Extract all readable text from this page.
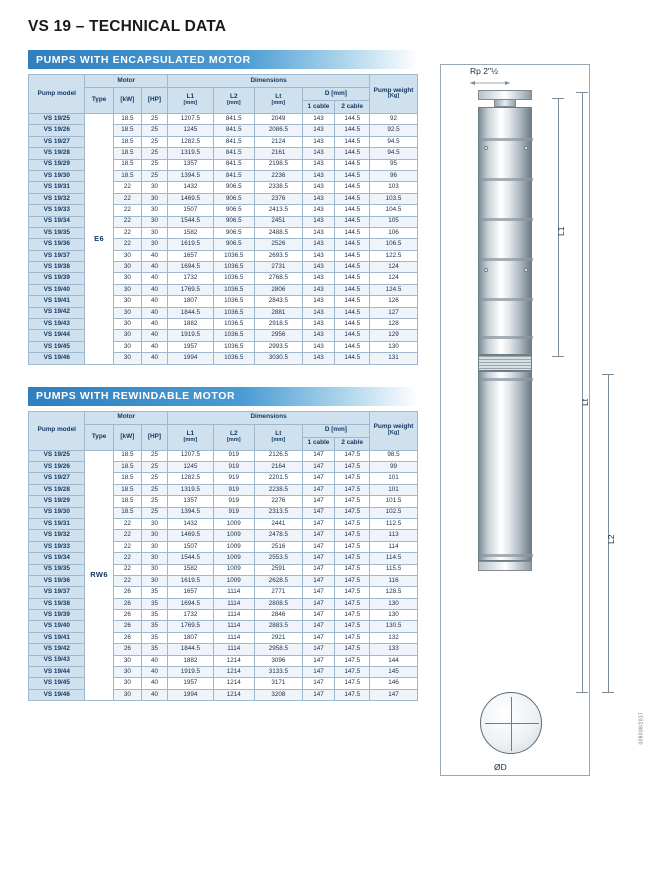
VS 19 – TECHNICAL DATA
PUMPS WITH ENCAPSULATED MOTOR
Pump model	Motor			Dimensions					Pump weight
[Kg]

	Type	[kW]	[HP]	L1
[mm]	L2
[mm]	Lt
[mm]	D [mm]		
							1 cable	2 cable	
VS 19/25	E6	18.5	25	1207.5	841.5	2049	143	144.5	92
VS 19/26		18.5	25	1245	841.5	2086.5	143	144.5	92.5
VS 19/27		18.5	25	1282.5	841.5	2124	143	144.5	94.5
VS 19/28		18.5	25	1319.5	841.5	2161	143	144.5	94.5
VS 19/29		18.5	25	1357	841.5	2198.5	143	144.5	95
VS 19/30		18.5	25	1394.5	841.5	2236	143	144.5	96
VS 19/31		22	30	1432	906.5	2338.5	143	144.5	103
VS 19/32		22	30	1469.5	906.5	2376	143	144.5	103.5
VS 19/33		22	30	1507	906.5	2413.5	143	144.5	104.5
VS 19/34		22	30	1544.5	906.5	2451	143	144.5	105
VS 19/35		22	30	1582	906.5	2488.5	143	144.5	106
VS 19/36		22	30	1619.5	906.5	2526	143	144.5	106.5
VS 19/37		30	40	1657	1036.5	2693.5	143	144.5	122.5
VS 19/38		30	40	1694.5	1036.5	2731	143	144.5	124
VS 19/39		30	40	1732	1036.5	2768.5	143	144.5	124
VS 19/40		30	40	1769.5	1036.5	2806	143	144.5	124.5
VS 19/41		30	40	1807	1036.5	2843.5	143	144.5	126
VS 19/42		30	40	1844.5	1036.5	2881	143	144.5	127
VS 19/43		30	40	1882	1036.5	2918.5	143	144.5	128
VS 19/44		30	40	1919.5	1036.5	2956	143	144.5	129
VS 19/45		30	40	1957	1036.5	2993.5	143	144.5	130
VS 19/46		30	40	1994	1036.5	3030.5	143	144.5	131
PUMPS WITH REWINDABLE MOTOR
Pump model	Motor			Dimensions					Pump weight
[Kg]

	Type	[kW]	[HP]	L1
[mm]	L2
[mm]	Lt
[mm]	D [mm]		
							1 cable	2 cable	
VS 19/25	RW6	18.5	25	1207.5	919	2126.5	147	147.5	98.5
VS 19/26		18.5	25	1245	919	2164	147	147.5	99
VS 19/27		18.5	25	1282.5	919	2201.5	147	147.5	101
VS 19/28		18.5	25	1319.5	919	2238.5	147	147.5	101
VS 19/29		18.5	25	1357	919	2276	147	147.5	101.5
VS 19/30		18.5	25	1394.5	919	2313.5	147	147.5	102.5
VS 19/31		22	30	1432	1009	2441	147	147.5	112.5
VS 19/32		22	30	1469.5	1009	2478.5	147	147.5	113
VS 19/33		22	30	1507	1009	2516	147	147.5	114
VS 19/34		22	30	1544.5	1009	2553.5	147	147.5	114.5
VS 19/35		22	30	1582	1009	2591	147	147.5	115.5
VS 19/36		22	30	1619.5	1009	2628.5	147	147.5	116
VS 19/37		26	35	1657	1114	2771	147	147.5	128.5
VS 19/38		26	35	1694.5	1114	2808.5	147	147.5	130
VS 19/39		26	35	1732	1114	2846	147	147.5	130
VS 19/40		26	35	1769.5	1114	2883.5	147	147.5	130.5
VS 19/41		26	35	1807	1114	2921	147	147.5	132
VS 19/42		26	35	1844.5	1114	2958.5	147	147.5	133
VS 19/43		30	40	1882	1214	3096	147	147.5	144
VS 19/44		30	40	1919.5	1214	3133.5	147	147.5	145
VS 19/45		30	40	1957	1214	3171	147	147.5	146
VS 19/46		30	40	1994	1214	3208	147	147.5	147
Rp 2"½
L1
L2
Lt
ØD
009038/2017
